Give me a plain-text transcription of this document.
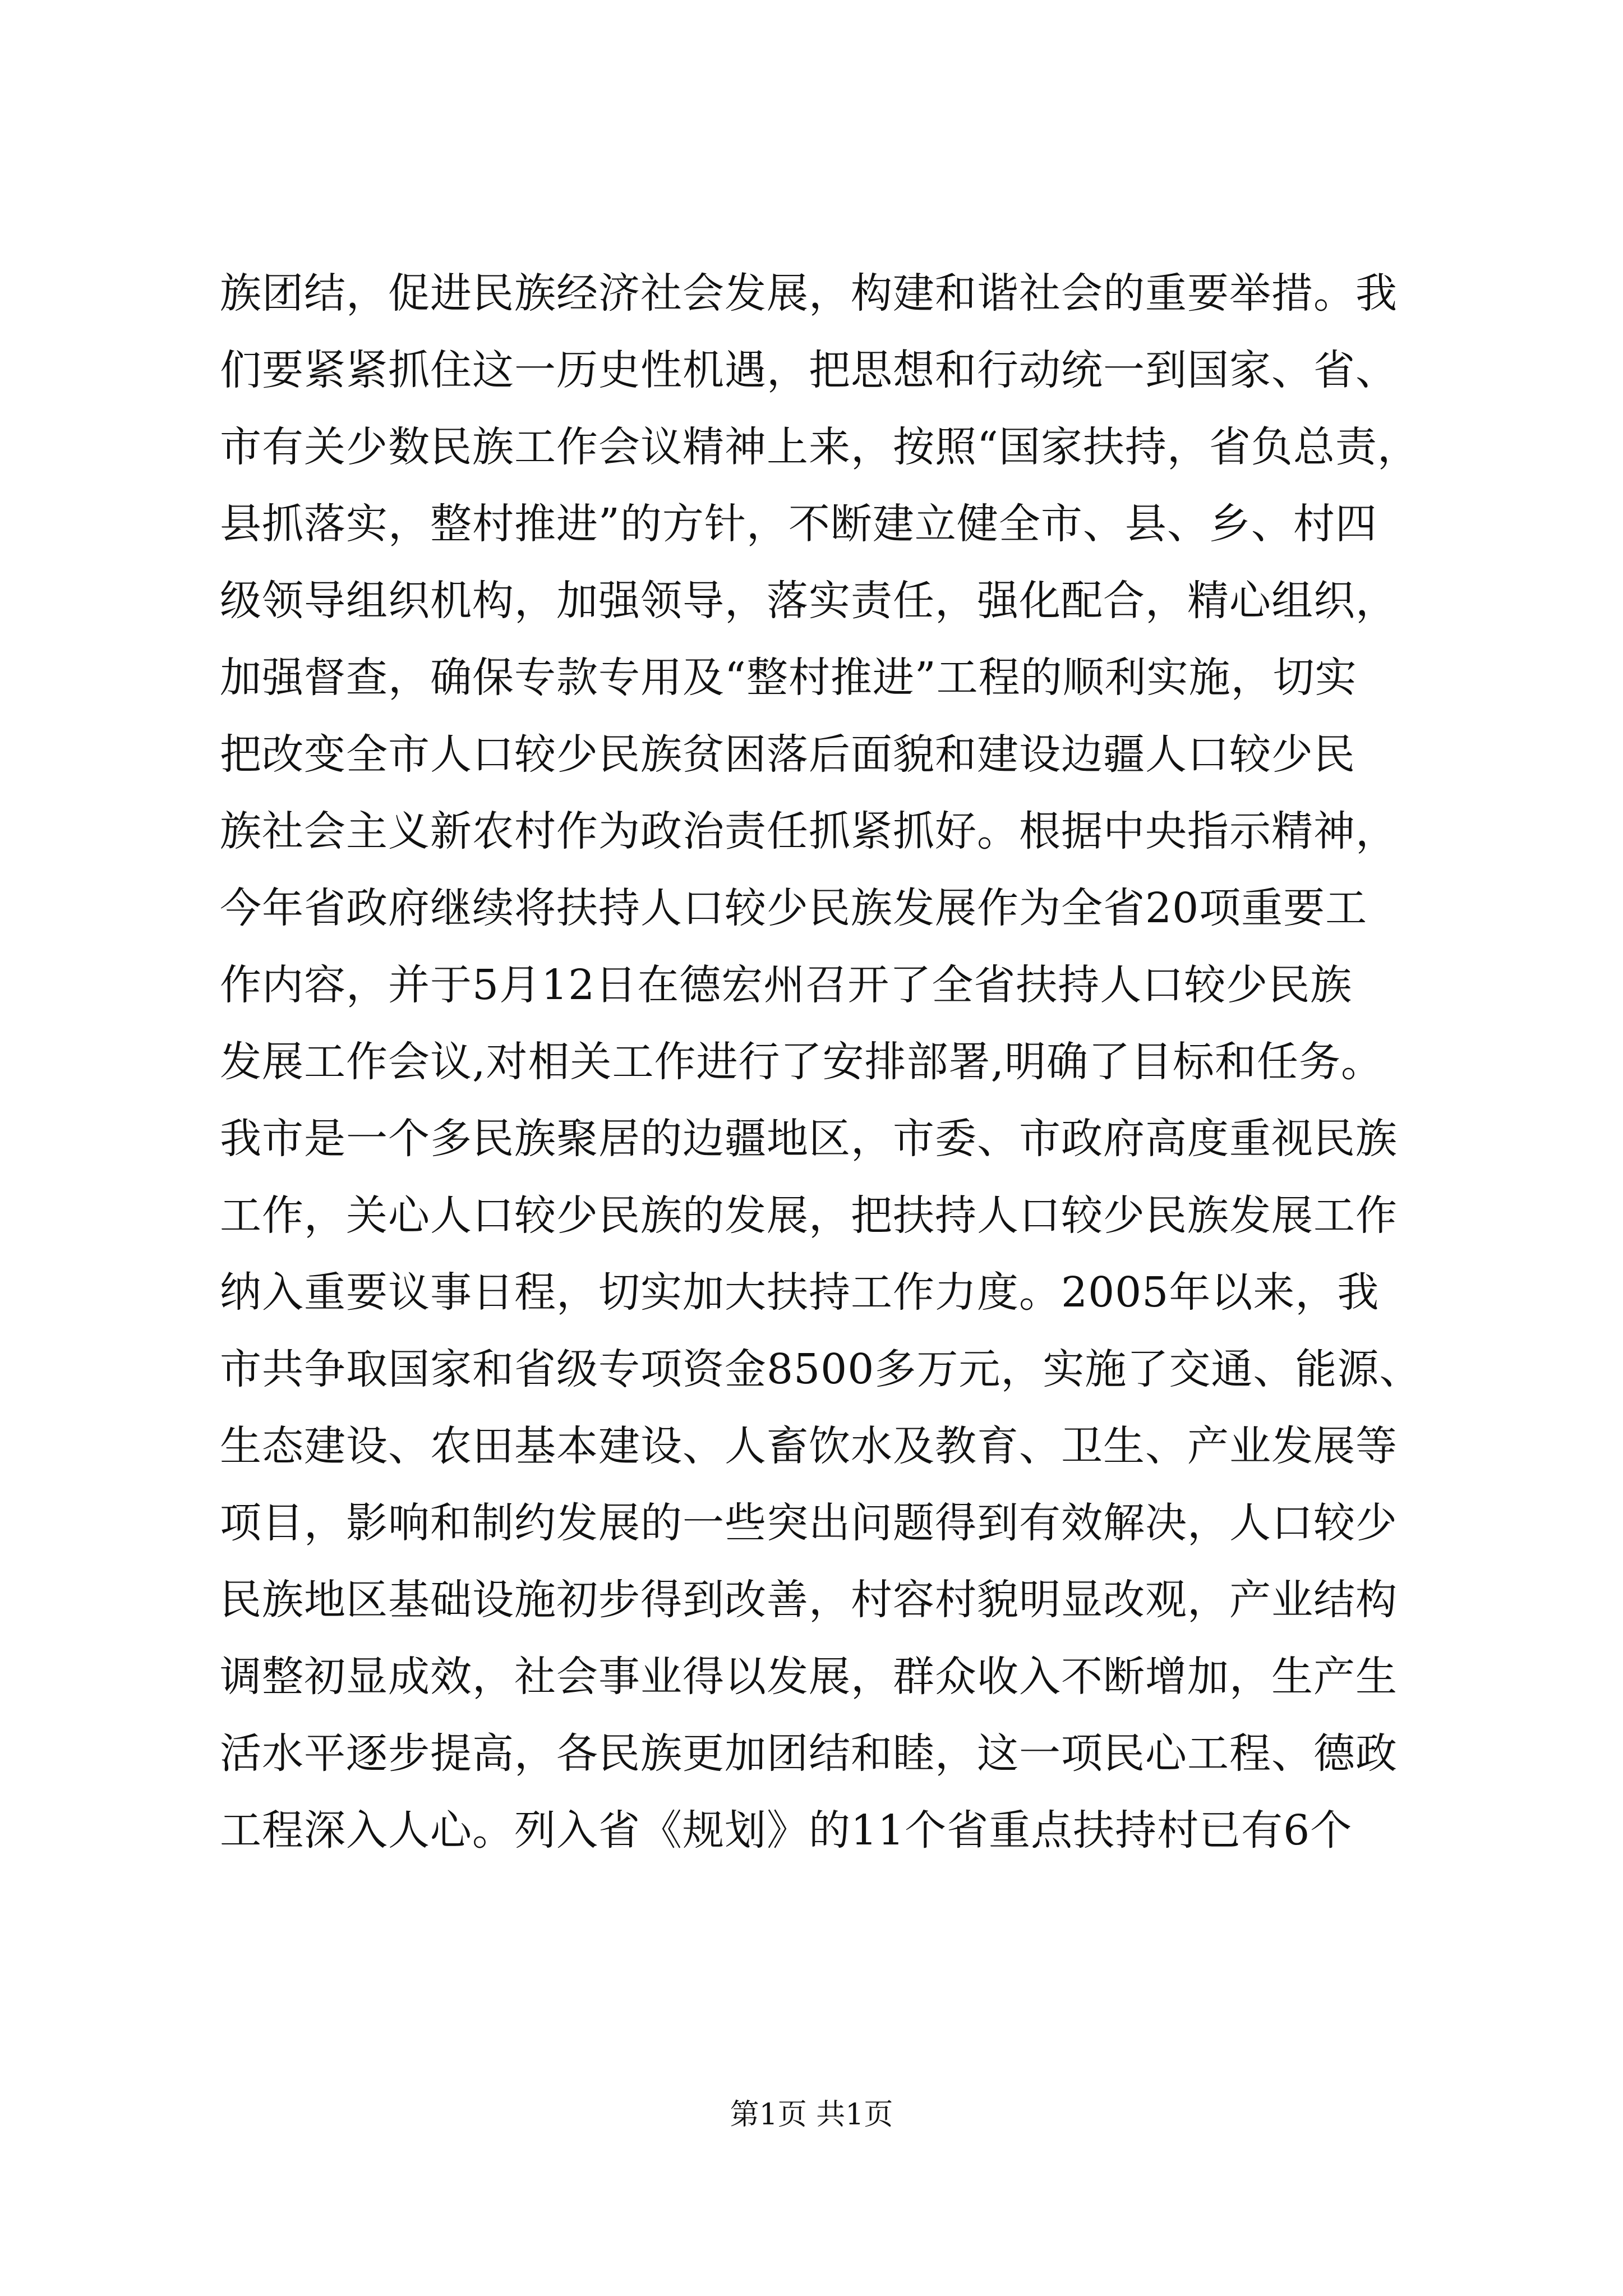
族团结，促进民族经济社会发展，构建和谐社会的重要举措。我
们要紧紧抓住这一历史性机遇，把思想和行动统一到国家、省、
市有关少数民族工作会议精神上来，按照“国家扶持，省负总责，
县抓落实，整村推进”的方针，不断建立健全市、县、乡、村四
级领导组织机构，加强领导，落实责任，强化配合，精心组织，
加强督查，确保专款专用及“整村推进”工程的顺利实施，切实
把改变全市人口较少民族贫困落后面貌和建设边疆人口较少民
族社会主义新农村作为政治责任抓紧抓好。根据中央指示精神，
今年省政府继续将扶持人口较少民族发展作为全省20项重要工
作内容，并于5月12日在德宏州召开了全省扶持人口较少民族
发展工作会议,对相关工作进行了安排部署,明确了目标和任务。
我市是一个多民族聚居的边疆地区，市委、市政府高度重视民族
工作，关心人口较少民族的发展，把扶持人口较少民族发展工作
纳入重要议事日程，切实加大扶持工作力度。2005年以来，我
市共争取国家和省级专项资金8500多万元，实施了交通、能源、
生态建设、农田基本建设、人畜饮水及教育、卫生、产业发展等
项目，影响和制约发展的一些突出问题得到有效解决，人口较少
民族地区基础设施初步得到改善，村容村貌明显改观，产业结构
调整初显成效，社会事业得以发展，群众收入不断增加，生产生
活水平逐步提高，各民族更加团结和睦，这一项民心工程、德政
工程深入人心。列入省《规划》的11个省重点扶持村已有6个
第1页 共1页
